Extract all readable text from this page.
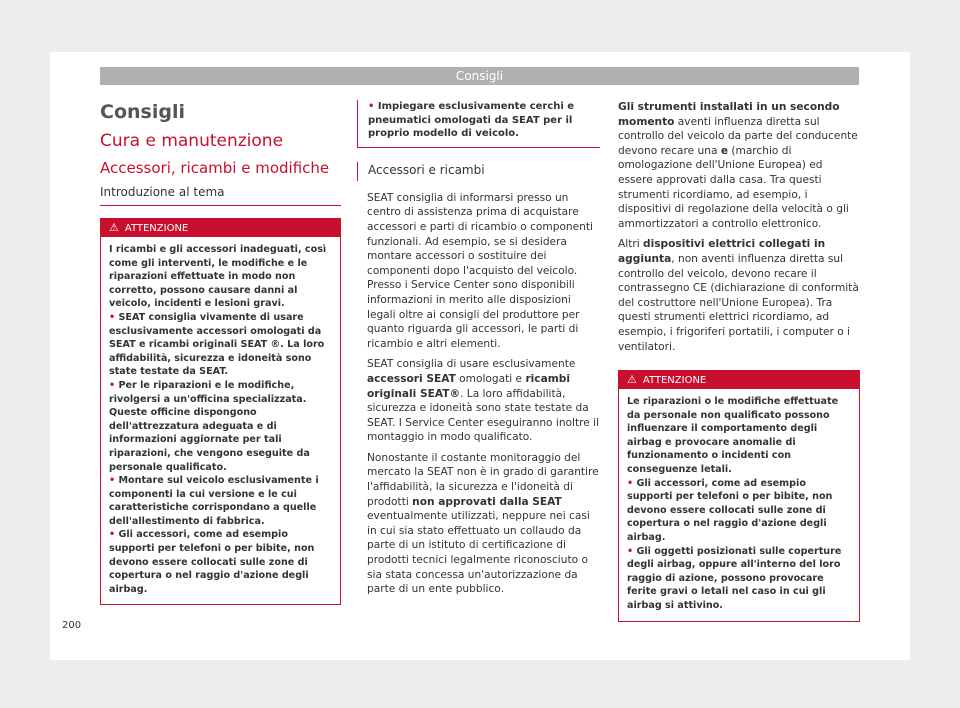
Consigli
Consigli
Cura e manutenzione
Accessori, ricambi e modifiche
Introduzione al tema
⚠ ATTENZIONE

I ricambi e gli accessori inadeguati, così come gli interventi, le modifiche e le riparazioni effettuate in modo non corretto, possono causare danni al veicolo, incidenti e lesioni gravi.

• SEAT consiglia vivamente di usare esclusivamente accessori omologati da SEAT e ricambi originali SEAT ®. La loro affidabilità, sicurezza e idoneità sono state testate da SEAT.

• Per le riparazioni e le modifiche, rivolgersi a un'officina specializzata. Queste officine dispongono dell'attrezzatura adeguata e di informazioni aggiornate per tali riparazioni, che vengono eseguite da personale qualificato.

• Montare sul veicolo esclusivamente i componenti la cui versione e le cui caratteristiche corrispondano a quelle dell'allestimento di fabbrica.

• Gli accessori, come ad esempio supporti per telefoni o per bibite, non devono essere collocati sulle zone di copertura o nel raggio d'azione degli airbag.

• Impiegare esclusivamente cerchi e pneumatici omologati da SEAT per il proprio modello di veicolo.
Accessori e ricambi

SEAT consiglia di informarsi presso un centro di assistenza prima di acquistare accessori e parti di ricambio o componenti funzionali. Ad esempio, se si desidera montare accessori o sostituire dei componenti dopo l'acquisto del veicolo. Presso i Service Center sono disponibili informazioni in merito alle disposizioni legali oltre ai consigli del produttore per quanto riguarda gli accessori, le parti di ricambio e altri elementi.

SEAT consiglia di usare esclusivamente accessori SEAT omologati e ricambi originali SEAT®. La loro affidabilità, sicurezza e idoneità sono state testate da SEAT. I Service Center eseguiranno inoltre il montaggio in modo qualificato.

Nonostante il costante monitoraggio del mercato la SEAT non è in grado di garantire l'affidabilità, la sicurezza e l'idoneità di prodotti non approvati dalla SEAT eventualmente utilizzati, neppure nei casi in cui sia stato effettuato un collaudo da parte di un istituto di certificazione di prodotti tecnici legalmente riconosciuto o sia stata concessa un'autorizzazione da parte di un ente pubblico.

Gli strumenti installati in un secondo momento aventi influenza diretta sul controllo del veicolo da parte del conducente devono recare una e (marchio di omologazione dell'Unione Europea) ed essere approvati dalla casa. Tra questi strumenti ricordiamo, ad esempio, i dispositivi di regolazione della velocità o gli ammortizzatori a controllo elettronico.

Altri dispositivi elettrici collegati in aggiunta, non aventi influenza diretta sul controllo del veicolo, devono recare il contrassegno CE (dichiarazione di conformità del costruttore nell'Unione Europea). Tra questi strumenti elettrici ricordiamo, ad esempio, i frigoriferi portatili, i computer o i ventilatori.

⚠ ATTENZIONE

Le riparazioni o le modifiche effettuate da personale non qualificato possono influenzare il comportamento degli airbag e provocare anomalie di funzionamento o incidenti con conseguenze letali.

• Gli accessori, come ad esempio supporti per telefoni o per bibite, non devono essere collocati sulle zone di copertura o nel raggio d'azione degli airbag.

• Gli oggetti posizionati sulle coperture degli airbag, oppure all'interno del loro raggio di azione, possono provocare ferite gravi o letali nel caso in cui gli airbag si attivino.

200
